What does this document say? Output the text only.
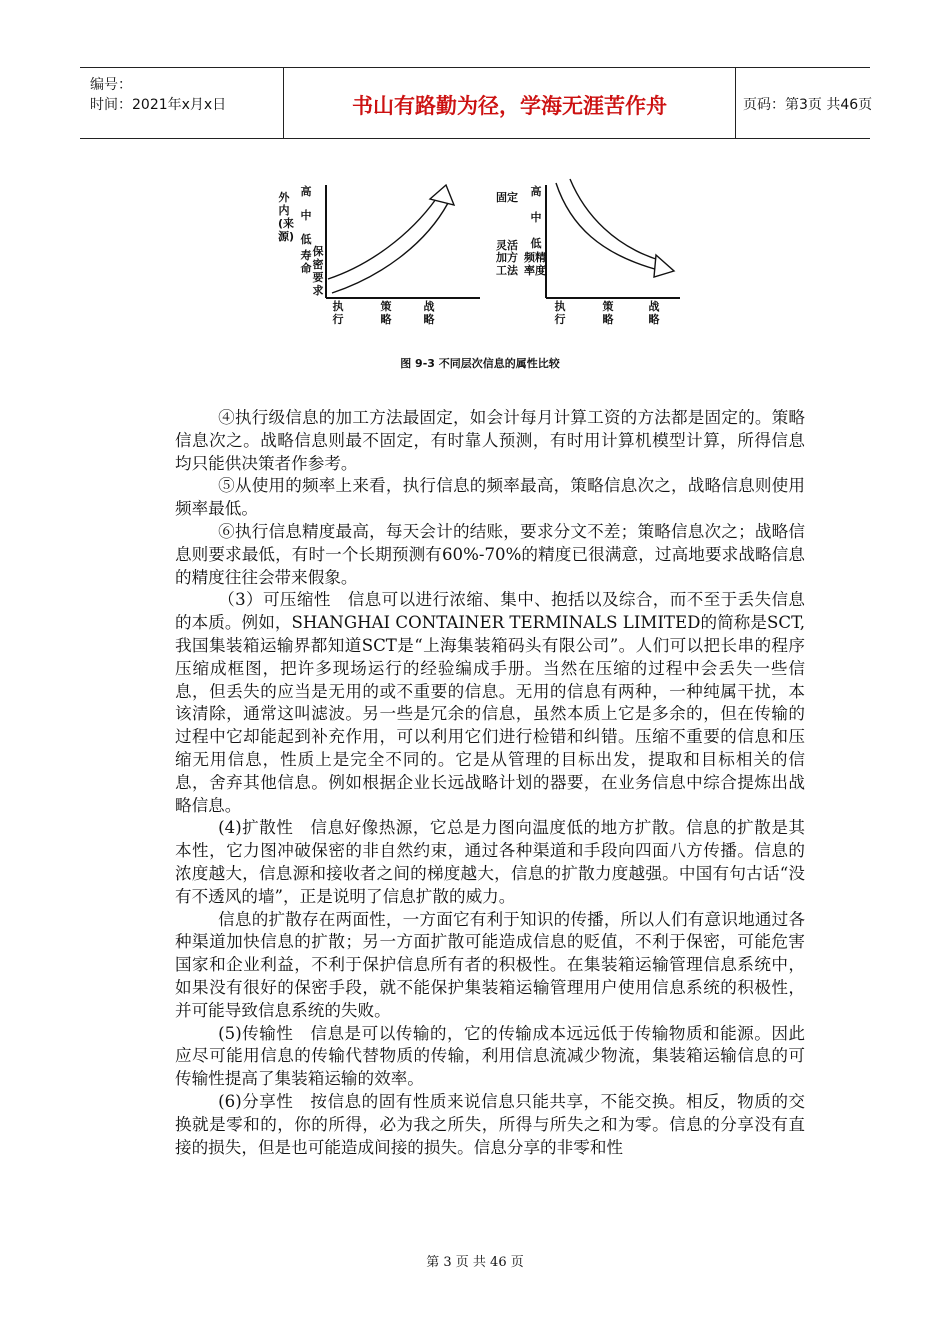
编号：
时间：2021年x月x日	书山有路勤为径，学海无涯苦作舟	页码：第3页 共46页
外内(来源)
高
中
低
寿命
保密要求
执行
策略
战略
固定
灵活
加方工法
高
中
低
频精率度
执行
策略
战略
图 9-3 不同层次信息的属性比较

④执行级信息的加工方法最固定，如会计每月计算工资的方法都是固定的。策略信息次之。战略信息则最不固定，有时靠人预测，有时用计算机模型计算，所得信息均只能供决策者作参考。

⑤从使用的频率上来看，执行信息的频率最高，策略信息次之，战略信息则使用频率最低。

⑥执行信息精度最高，每天会计的结账，要求分文不差；策略信息次之；战略信息则要求最低，有时一个长期预测有60%-70%的精度已很满意，过高地要求战略信息的精度往往会带来假象。

（3）可压缩性　信息可以进行浓缩、集中、抱括以及综合，而不至于丢失信息的本质。例如，SHANGHAI CONTAINER TERMINALS LIMITED的简称是SCT,我国集装箱运输界都知道SCT是“上海集装箱码头有限公司”。人们可以把长串的程序压缩成框图，把许多现场运行的经验编成手册。当然在压缩的过程中会丢失一些信息，但丢失的应当是无用的或不重要的信息。无用的信息有两种，一种纯属干扰，本该清除，通常这叫滤波。另一些是冗余的信息，虽然本质上它是多余的，但在传输的过程中它却能起到补充作用，可以利用它们进行检错和纠错。压缩不重要的信息和压缩无用信息，性质上是完全不同的。它是从管理的目标出发，提取和目标相关的信息，舍弃其他信息。例如根据企业长远战略计划的器要，在业务信息中综合提炼出战略信息。

(4)扩散性　信息好像热源，它总是力图向温度低的地方扩散。信息的扩散是其本性，它力图冲破保密的非自然约束，通过各种渠道和手段向四面八方传播。信息的浓度越大，信息源和接收者之间的梯度越大，信息的扩散力度越强。中国有句古话“没有不透风的墙”，正是说明了信息扩散的威力。

信息的扩散存在两面性，一方面它有利于知识的传播，所以人们有意识地通过各种渠道加快信息的扩散；另一方面扩散可能造成信息的贬值，不利于保密，可能危害国家和企业利益，不利于保护信息所有者的积极性。在集装箱运输管理信息系统中，如果没有很好的保密手段，就不能保护集装箱运输管理用户使用信息系统的积极性，并可能导致信息系统的失败。

(5)传输性　信息是可以传输的，它的传输成本远远低于传输物质和能源。因此应尽可能用信息的传输代替物质的传输，利用信息流减少物流，集装箱运输信息的可传输性提高了集装箱运输的效率。

(6)分享性　按信息的固有性质来说信息只能共享，不能交换。相反，物质的交换就是零和的，你的所得，必为我之所失，所得与所失之和为零。信息的分享没有直接的损失，但是也可能造成间接的损失。信息分享的非零和性

第 3 页 共 46 页
